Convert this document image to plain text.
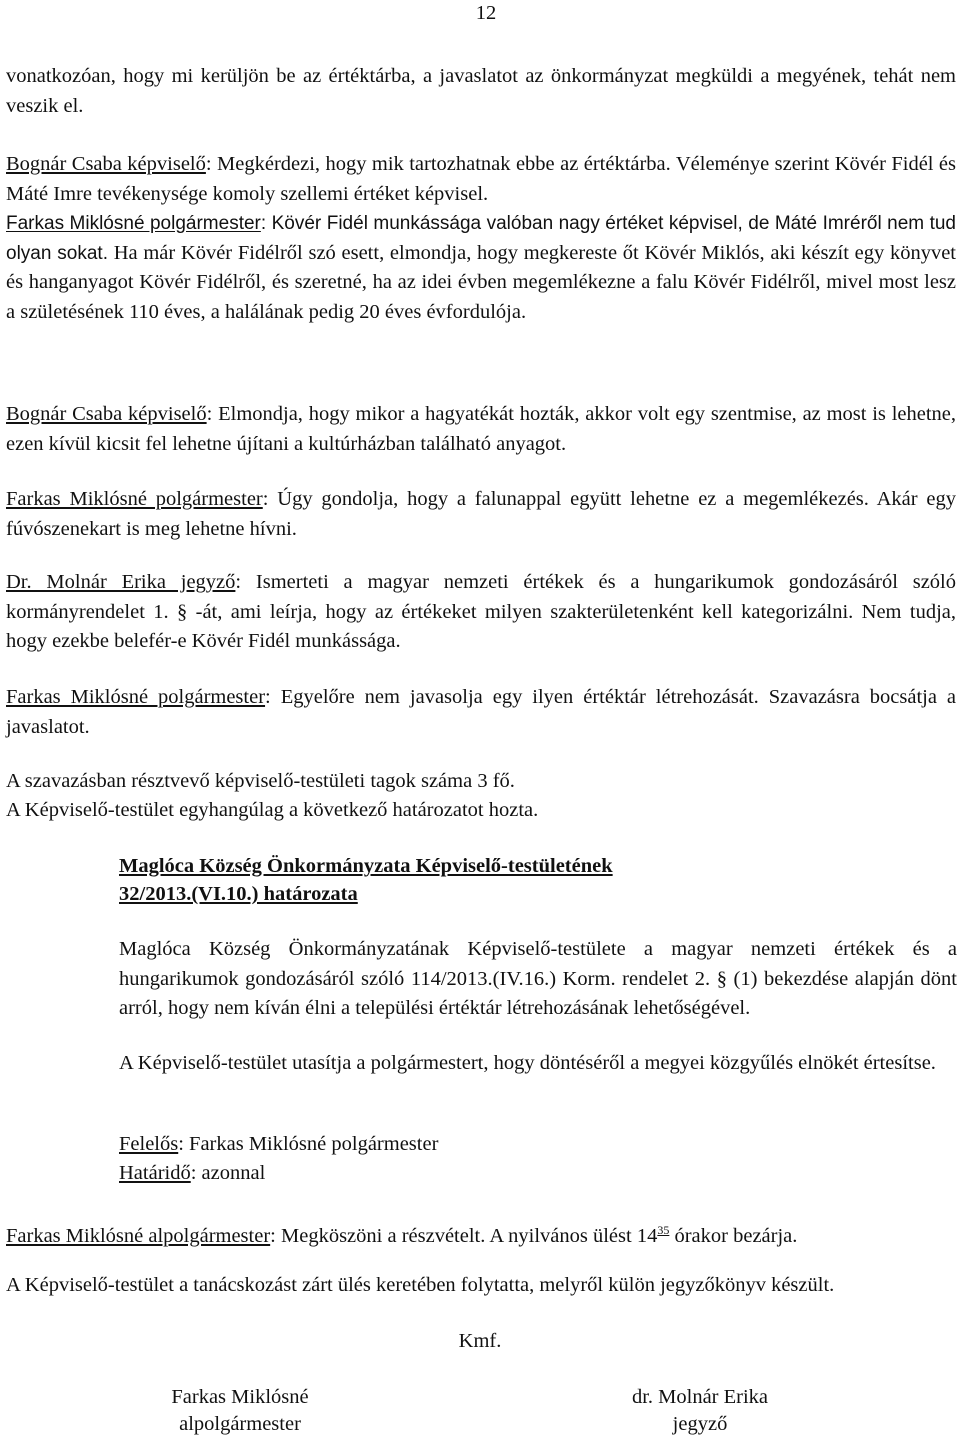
12

vonatkozóan, hogy mi kerüljön be az értéktárba, a javaslatot az önkormányzat megküldi a megyének, tehát nem veszik el.

Bognár Csaba képviselő: Megkérdezi, hogy mik tartozhatnak ebbe az értéktárba. Véleménye szerint Kövér Fidél és Máté Imre tevékenysége komoly szellemi értéket képvisel.

Farkas Miklósné polgármester: Kövér Fidél munkássága valóban nagy értéket képvisel, de Máté Imréről nem tud olyan sokat. Ha már Kövér Fidélről szó esett, elmondja, hogy megkereste őt Kövér Miklós, aki készít egy könyvet és hanganyagot Kövér Fidélről, és szeretné, ha az idei évben megemlékezne a falu Kövér Fidélről, mivel most lesz a születésének 110 éves, a halálának pedig 20 éves évfordulója.

Bognár Csaba képviselő: Elmondja, hogy mikor a hagyatékát hozták, akkor volt egy szentmise, az most is lehetne, ezen kívül kicsit fel lehetne újítani a kultúrházban található anyagot.

Farkas Miklósné polgármester: Úgy gondolja, hogy a falunappal együtt lehetne ez a megemlékezés. Akár egy fúvószenekart is meg lehetne hívni.

Dr. Molnár Erika jegyző: Ismerteti a magyar nemzeti értékek és a hungarikumok gondozásáról szóló kormányrendelet 1. § -át, ami leírja, hogy az értékeket milyen szakterületenként kell kategorizálni. Nem tudja, hogy ezekbe belefér-e Kövér Fidél munkássága.

Farkas Miklósné polgármester: Egyelőre nem javasolja egy ilyen értéktár létrehozását. Szavazásra bocsátja a javaslatot.

A szavazásban résztvevő képviselő-testületi tagok száma 3 fő.

A Képviselő-testület egyhangúlag a következő határozatot hozta.

Maglóca Község Önkormányzata Képviselő-testületének

32/2013.(VI.10.) határozata

Maglóca Község Önkormányzatának Képviselő-testülete a magyar nemzeti értékek és a hungarikumok gondozásáról szóló 114/2013.(IV.16.) Korm. rendelet 2. § (1) bekezdése alapján dönt arról, hogy nem kíván élni a települési értéktár létrehozásának lehetőségével.

A Képviselő-testület utasítja a polgármestert, hogy döntéséről a megyei közgyűlés elnökét értesítse.

Felelős: Farkas Miklósné polgármester

Határidő: azonnal

Farkas Miklósné alpolgármester: Megköszöni a részvételt. A nyilvános ülést $14^{35}$ órakor bezárja.

A Képviselő-testület a tanácskozást zárt ülés keretében folytatta, melyről külön jegyzőkönyv készült.

Kmf.
Farkas Miklósné
alpolgármester
dr. Molnár Erika
jegyző
